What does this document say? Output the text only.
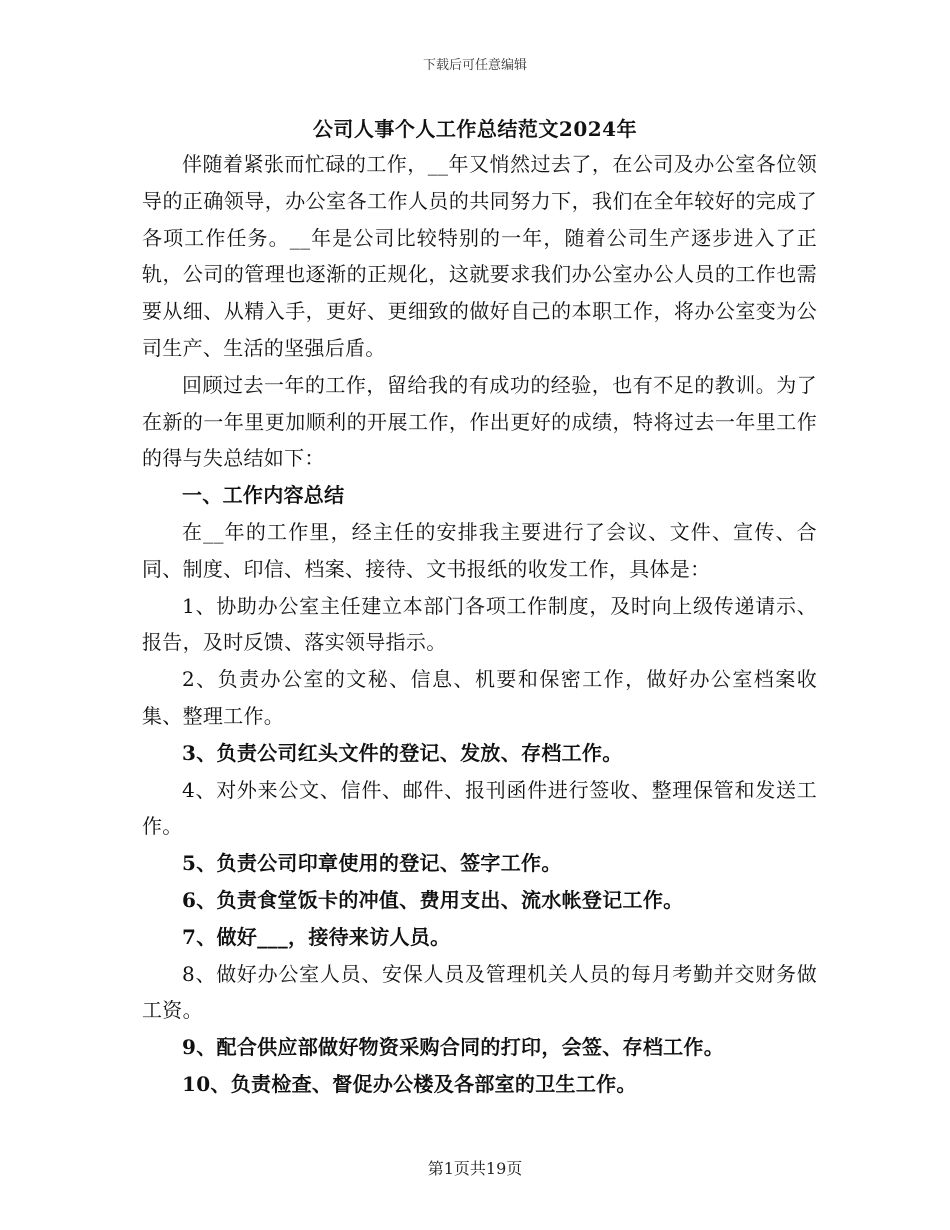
下载后可任意编辑
公司人事个人工作总结范文2024年

伴随着紧张而忙碌的工作，__年又悄然过去了，在公司及办公室各位领导的正确领导，办公室各工作人员的共同努力下，我们在全年较好的完成了各项工作任务。__年是公司比较特别的一年，随着公司生产逐步进入了正轨，公司的管理也逐渐的正规化，这就要求我们办公室办公人员的工作也需要从细、从精入手，更好、更细致的做好自己的本职工作，将办公室变为公司生产、生活的坚强后盾。

回顾过去一年的工作，留给我的有成功的经验，也有不足的教训。为了在新的一年里更加顺利的开展工作，作出更好的成绩，特将过去一年里工作的得与失总结如下：

一、工作内容总结

在__年的工作里，经主任的安排我主要进行了会议、文件、宣传、合同、制度、印信、档案、接待、文书报纸的收发工作，具体是：

1、协助办公室主任建立本部门各项工作制度，及时向上级传递请示、报告，及时反馈、落实领导指示。

2、负责办公室的文秘、信息、机要和保密工作，做好办公室档案收集、整理工作。

3、负责公司红头文件的登记、发放、存档工作。

4、对外来公文、信件、邮件、报刊函件进行签收、整理保管和发送工作。

5、负责公司印章使用的登记、签字工作。

6、负责食堂饭卡的冲值、费用支出、流水帐登记工作。

7、做好___，接待来访人员。

8、做好办公室人员、安保人员及管理机关人员的每月考勤并交财务做工资。

9、配合供应部做好物资采购合同的打印，会签、存档工作。

10、负责检查、督促办公楼及各部室的卫生工作。

第1页共19页
